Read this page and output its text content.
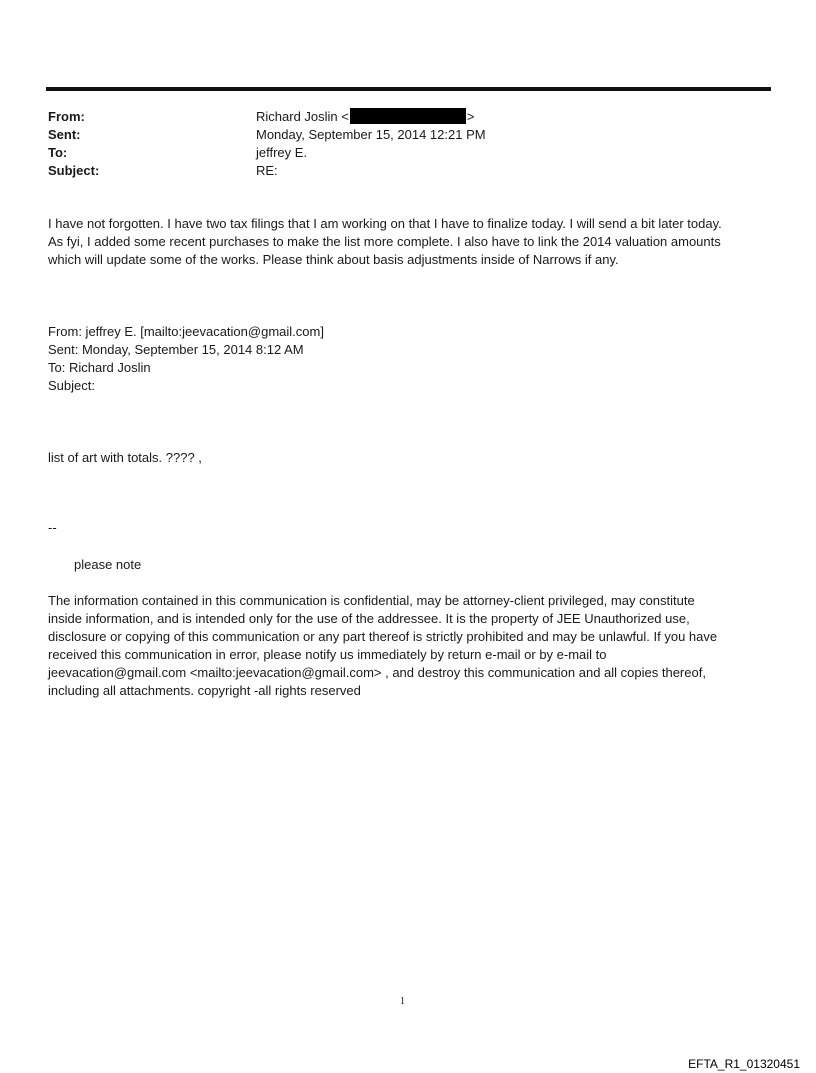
From:	Richard Joslin <	>
Sent:	Monday, September 15, 2014 12:21 PM
To:	jeffrey E.
Subject:	RE:
I have not forgotten. I have two tax filings that I am working on that I have to finalize today. I will send a bit later today.
As fyi, I added some recent purchases to make the list more complete. I also have to link the 2014 valuation amounts
which will update some of the works. Please think about basis adjustments inside of Narrows if any.
From: jeffrey E. [mailto:jeevacation@gmail.com]
Sent: Monday, September 15, 2014 8:12 AM
To: Richard Joslin
Subject:
list of art with totals. ???? ,
--
please note
The information contained in this communication is confidential, may be attorney-client privileged, may constitute
inside information, and is intended only for the use of the addressee. It is the property of JEE Unauthorized use,
disclosure or copying of this communication or any part thereof is strictly prohibited and may be unlawful. If you have
received this communication in error, please notify us immediately by return e-mail or by e-mail to
jeevacation@gmail.com <mailto:jeevacation@gmail.com> , and destroy this communication and all copies thereof,
including all attachments. copyright -all rights reserved
1
EFTA_R1_01320451
